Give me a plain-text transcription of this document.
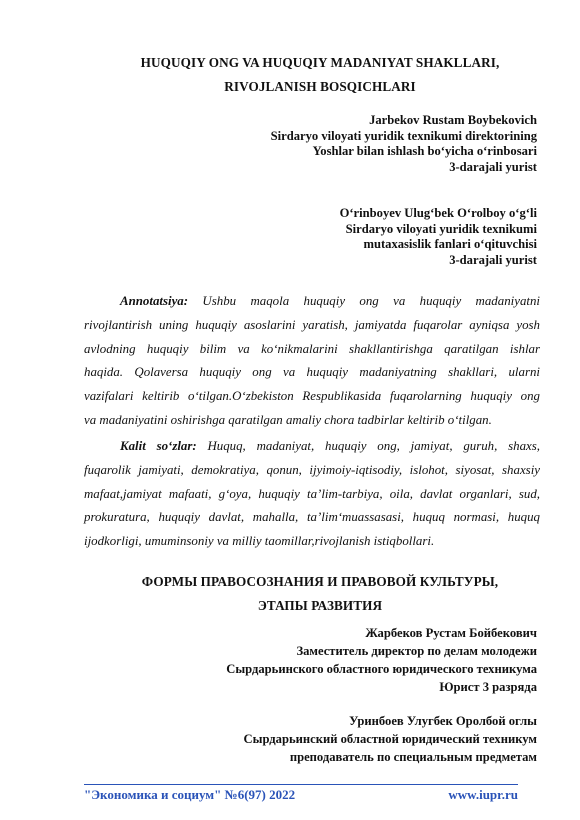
HUQUQIY ONG VA HUQUQIY MADANIYAT SHAKLLARI,
RIVOJLANISH BOSQICHLARI
Jarbekov Rustam Boybekovich
Sirdaryo viloyati yuridik texnikumi direktorining
Yoshlar bilan ishlash bo‘yicha o‘rinbosari
3-darajali yurist
O‘rinboyev Ulug‘bek O‘rolboy o‘g‘li
Sirdaryo viloyati yuridik texnikumi
mutaxasislik fanlari o‘qituvchisi
3-darajali yurist
Annotatsiya: Ushbu maqola huquqiy ong va huquqiy madaniyatni
rivojlantirish uning huquqiy asoslarini yaratish, jamiyatda fuqarolar ayniqsa yosh
avlodning huquqiy bilim va ko‘nikmalarini shakllantirishga qaratilgan ishlar
haqida. Qolaversa huquqiy ong va huquqiy madaniyatning shakllari, ularni
vazifalari keltirib o‘tilgan.O‘zbekiston Respublikasida fuqarolarning huquqiy ong
va madaniyatini oshirishga qaratilgan amaliy chora tadbirlar keltirib o‘tilgan.
Kalit so‘zlar: Huquq, madaniyat, huquqiy ong, jamiyat, guruh, shaxs,
fuqarolik jamiyati, demokratiya, qonun, ijyimoiy-iqtisodiy, islohot, siyosat, shaxsiy
mafaat,jamiyat mafaati, g‘oya, huquqiy ta’lim-tarbiya, oila, davlat organlari, sud,
prokuratura, huquqiy davlat, mahalla, ta’lim‘muassasasi, huquq normasi, huquq
ijodkorligi, umuminsoniy va milliy taomillar,rivojlanish istiqbollari.
ФОРМЫ ПРАВОСОЗНАНИЯ И ПРАВОВОЙ КУЛЬТУРЫ,
ЭТАПЫ РАЗВИТИЯ
Жарбеков Рустам Бойбекович
Заместитель директор по делам молодежи
Сырдарьинского областного юридического техникума
Юрист 3 разряда
Уринбоев Улугбек Оролбой оглы
Сырдарьинский областной юридический техникум
преподаватель по специальным предметам
"Экономика и социум" №6(97) 2022	www.iupr.ru
